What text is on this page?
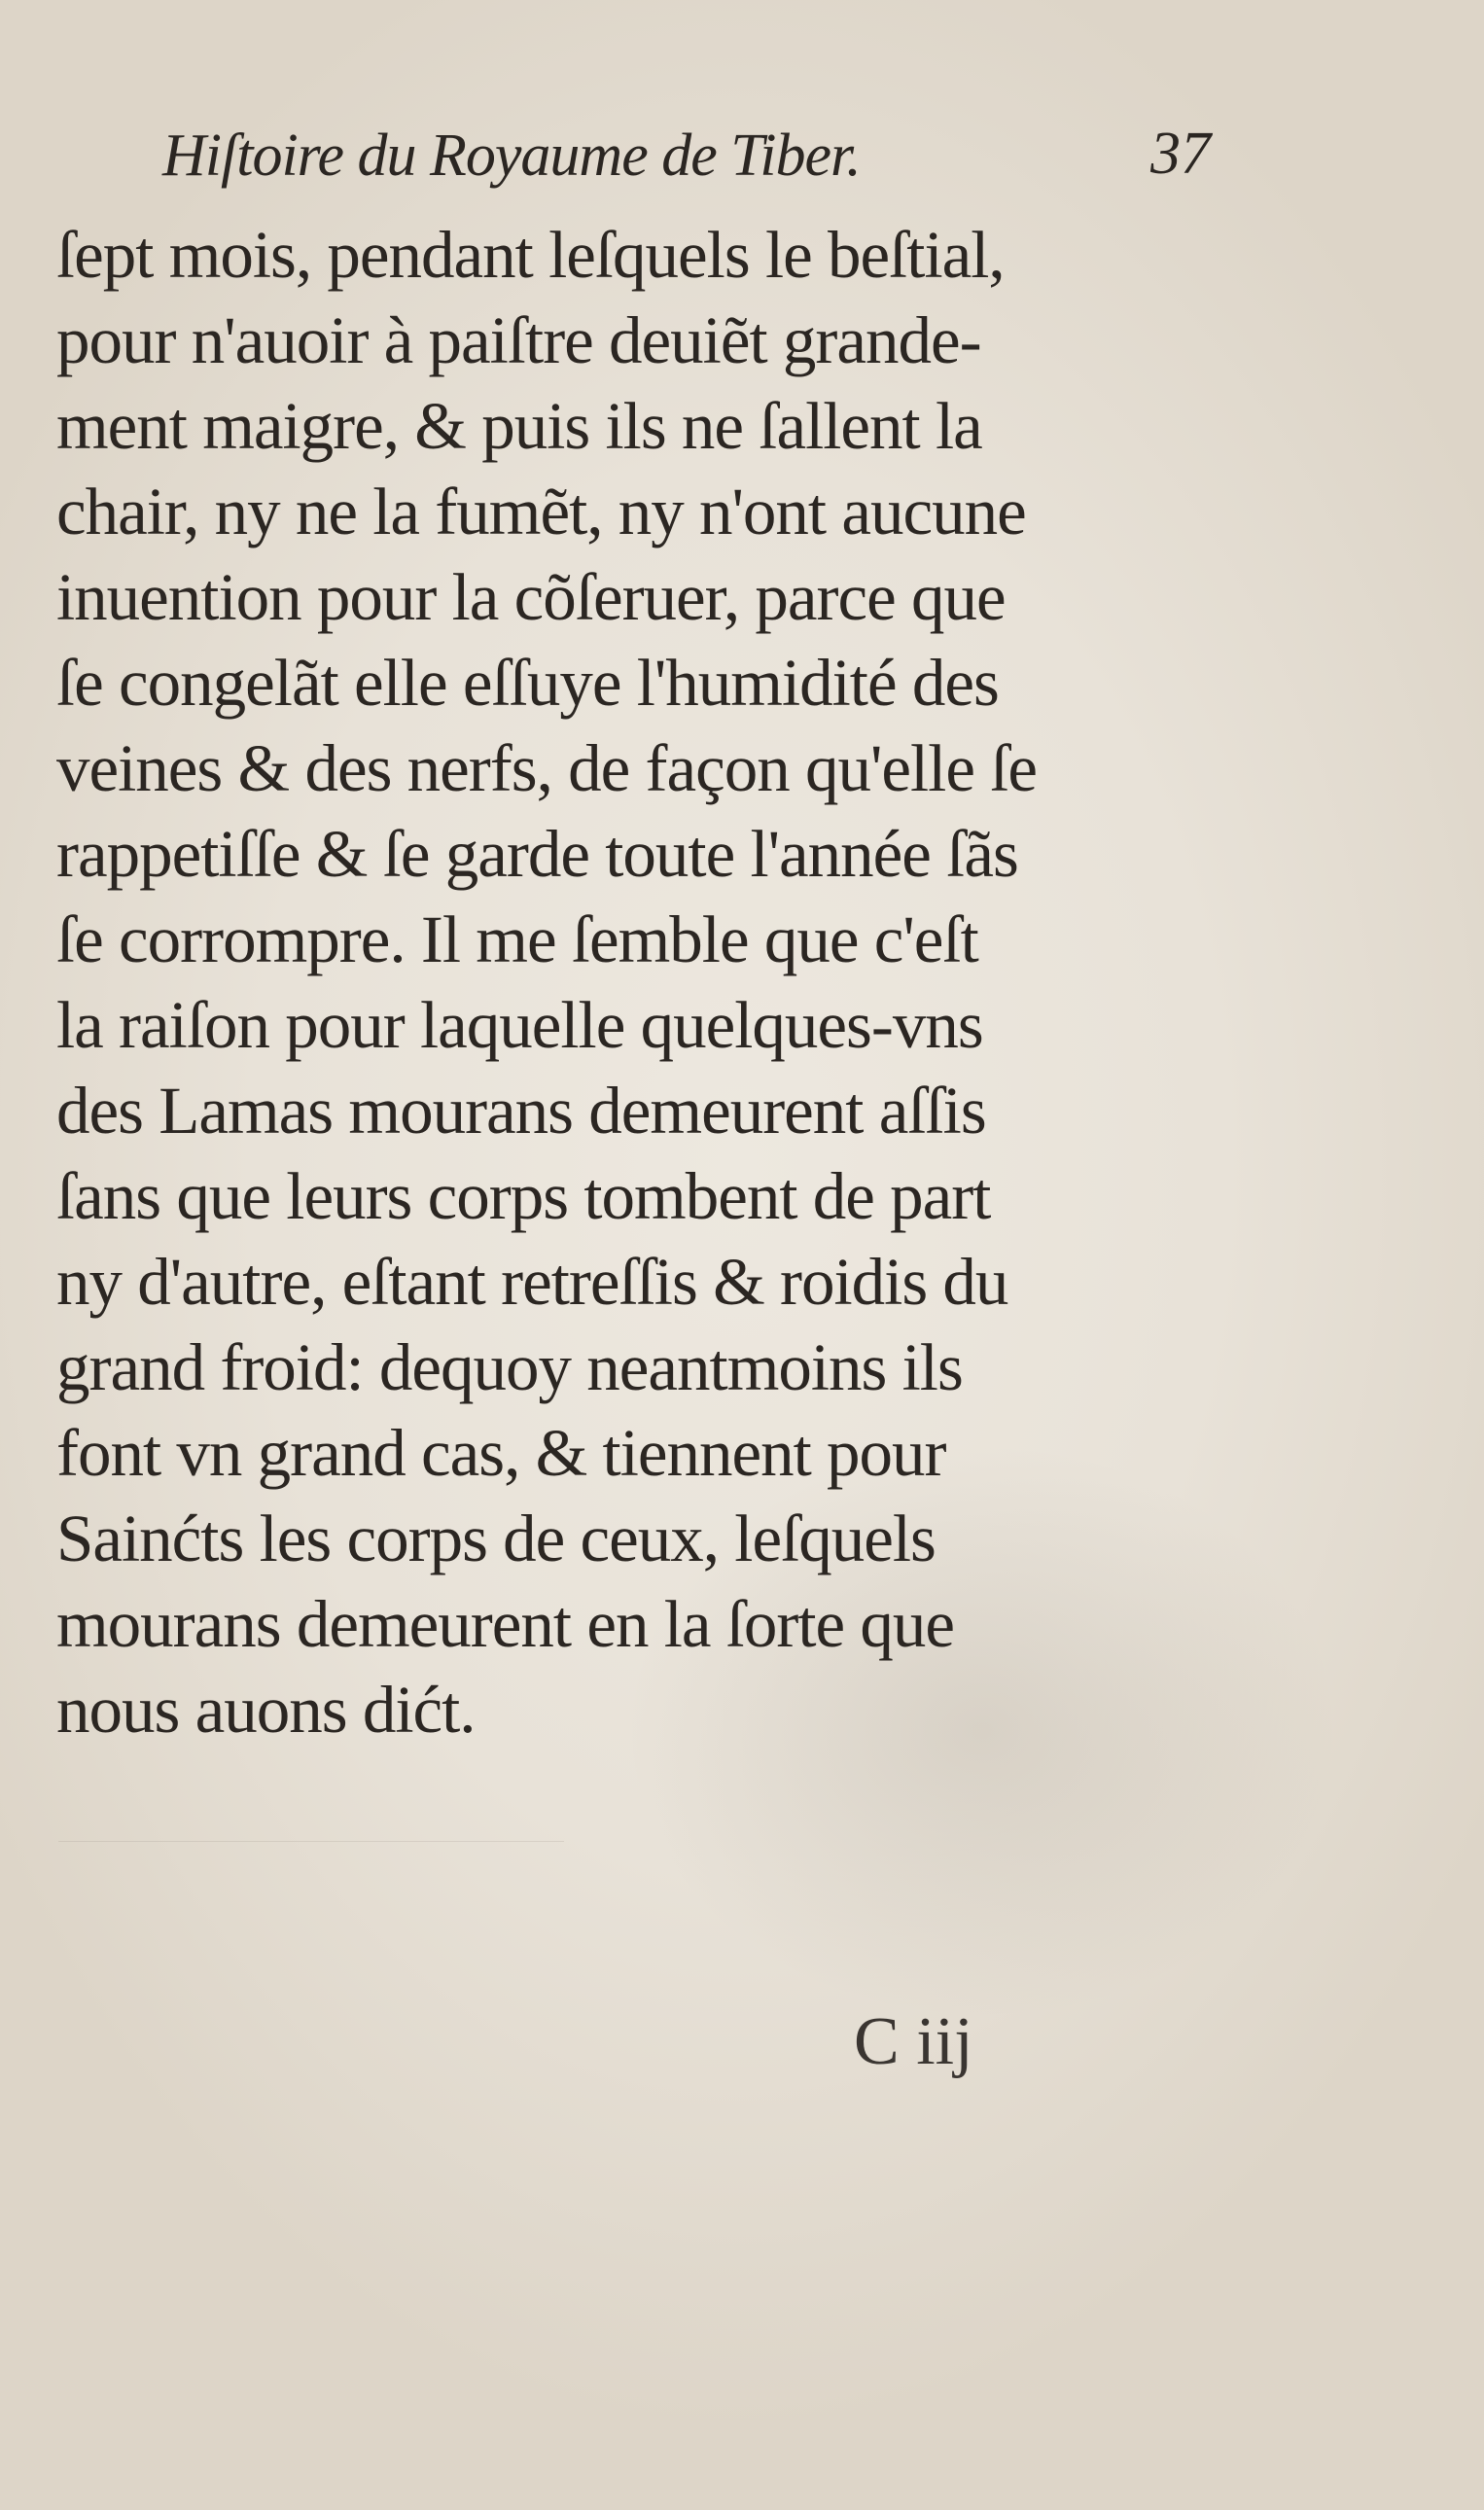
Hiſtoire du Royaume de Tiber.	37
ſept mois, pendant leſquels le beſtial,
pour n'auoir à paiſtre deuiẽt grande-
ment maigre, & puis ils ne ſallent la
chair, ny ne la fumẽt, ny n'ont aucune
inuention pour la cõſeruer, parce que
ſe congelãt elle eſſuye l'humidité des
veines & des nerfs, de façon qu'elle ſe
rappetiſſe & ſe garde toute l'année ſãs
ſe corrompre. Il me ſemble que c'eſt
la raiſon pour laquelle quelques-vns
des Lamas mourans demeurent aſſis
ſans que leurs corps tombent de part
ny d'autre, eſtant retreſſis & roidis du
grand froid: dequoy neantmoins ils
font vn grand cas, & tiennent pour
Sainćts les corps de ceux, leſquels
mourans demeurent en la ſorte que
nous auons dićt.
C iij
